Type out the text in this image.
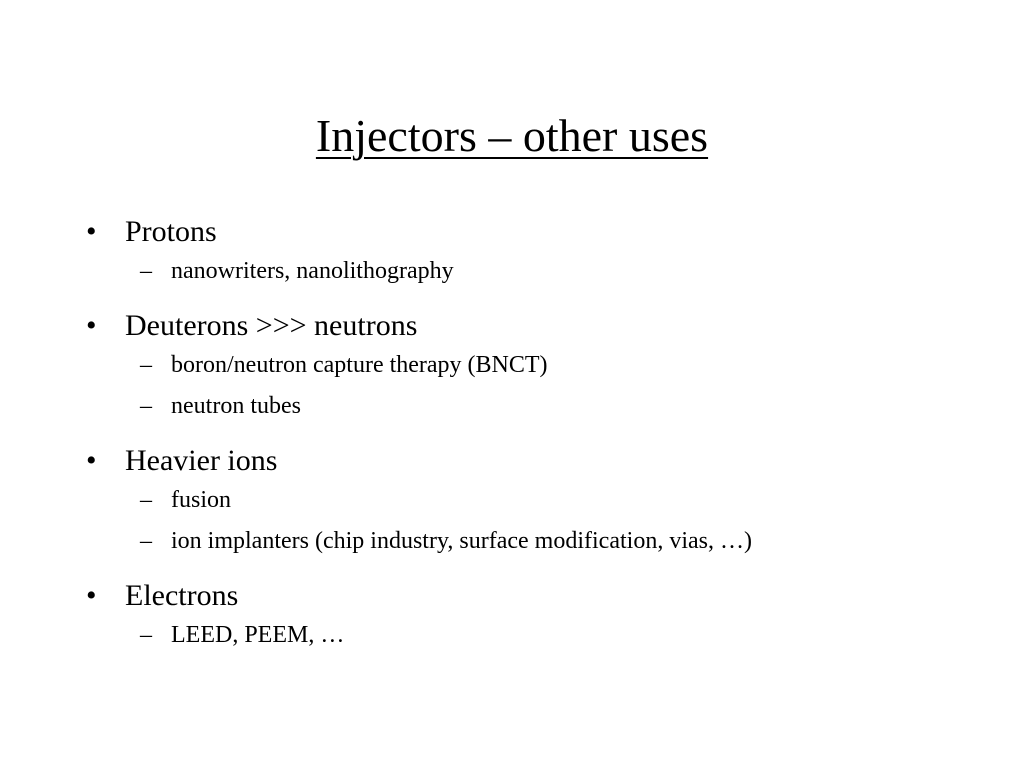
Injectors – other uses
• Protons
– nanowriters, nanolithography
• Deuterons >>> neutrons
– boron/neutron capture therapy (BNCT)
– neutron tubes
• Heavier ions
– fusion
– ion implanters (chip industry, surface modification, vias, …)
• Electrons
– LEED, PEEM, …
